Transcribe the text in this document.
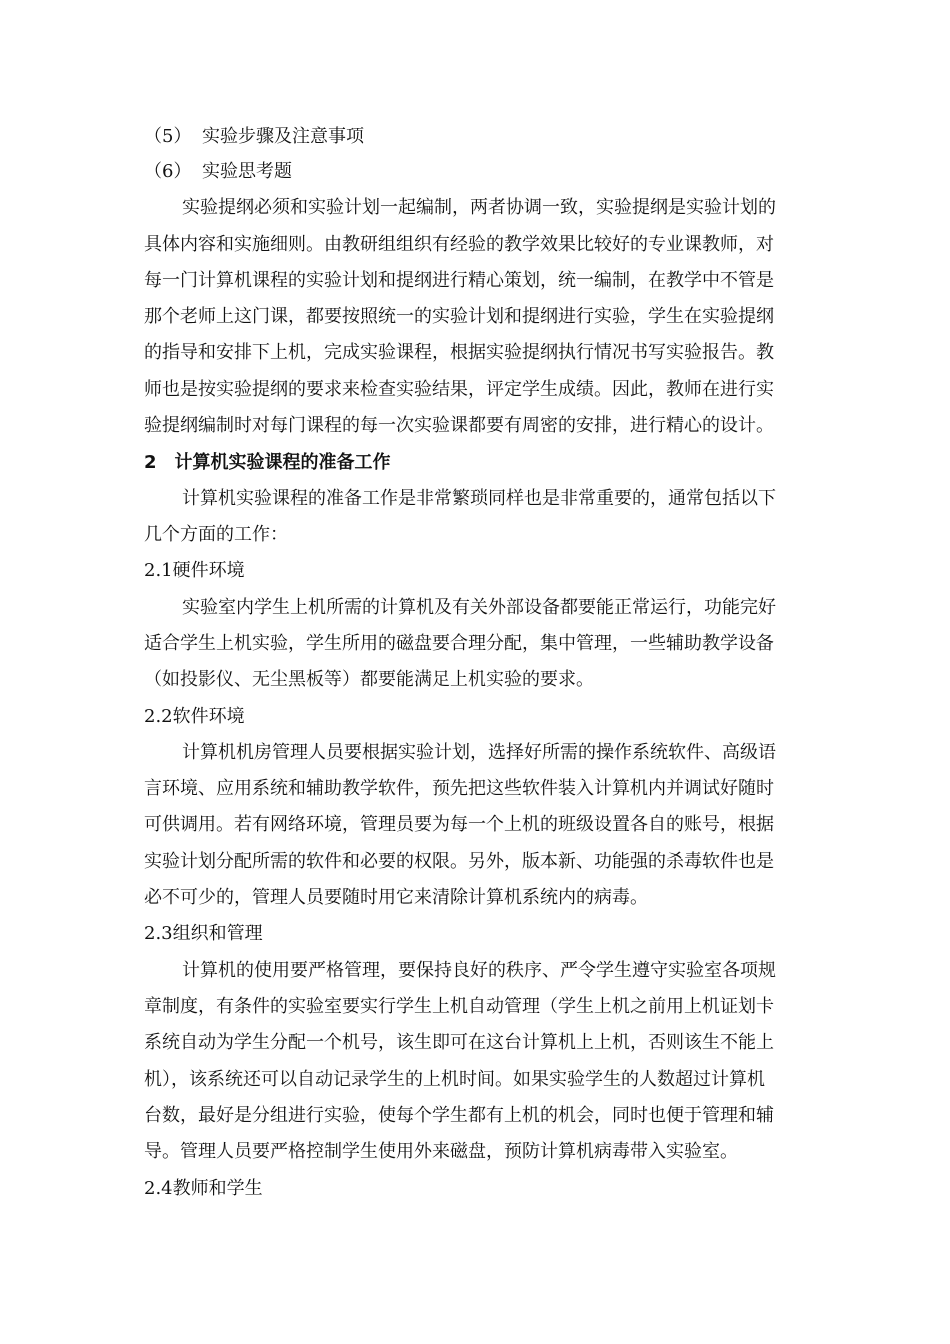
（5） 实验步骤及注意事项
（6） 实验思考题
实验提纲必须和实验计划一起编制，两者协调一致，实验提纲是实验计划的
具体内容和实施细则。由教研组组织有经验的教学效果比较好的专业课教师，对
每一门计算机课程的实验计划和提纲进行精心策划，统一编制，在教学中不管是
那个老师上这门课，都要按照统一的实验计划和提纲进行实验，学生在实验提纲
的指导和安排下上机，完成实验课程，根据实验提纲执行情况书写实验报告。教
师也是按实验提纲的要求来检查实验结果，评定学生成绩。因此，教师在进行实
验提纲编制时对每门课程的每一次实验课都要有周密的安排，进行精心的设计。
2　计算机实验课程的准备工作
计算机实验课程的准备工作是非常繁琐同样也是非常重要的，通常包括以下
几个方面的工作：
2.1硬件环境
实验室内学生上机所需的计算机及有关外部设备都要能正常运行，功能完好
适合学生上机实验，学生所用的磁盘要合理分配，集中管理，一些辅助教学设备
（如投影仪、无尘黑板等）都要能满足上机实验的要求。
2.2软件环境
计算机机房管理人员要根据实验计划，选择好所需的操作系统软件、高级语
言环境、应用系统和辅助教学软件，预先把这些软件装入计算机内并调试好随时
可供调用。若有网络环境，管理员要为每一个上机的班级设置各自的账号，根据
实验计划分配所需的软件和必要的权限。另外，版本新、功能强的杀毒软件也是
必不可少的，管理人员要随时用它来清除计算机系统内的病毒。
2.3组织和管理
计算机的使用要严格管理，要保持良好的秩序、严令学生遵守实验室各项规
章制度，有条件的实验室要实行学生上机自动管理（学生上机之前用上机证划卡
系统自动为学生分配一个机号，该生即可在这台计算机上上机，否则该生不能上
机），该系统还可以自动记录学生的上机时间。如果实验学生的人数超过计算机
台数，最好是分组进行实验，使每个学生都有上机的机会，同时也便于管理和辅
导。管理人员要严格控制学生使用外来磁盘，预防计算机病毒带入实验室。
2.4教师和学生
